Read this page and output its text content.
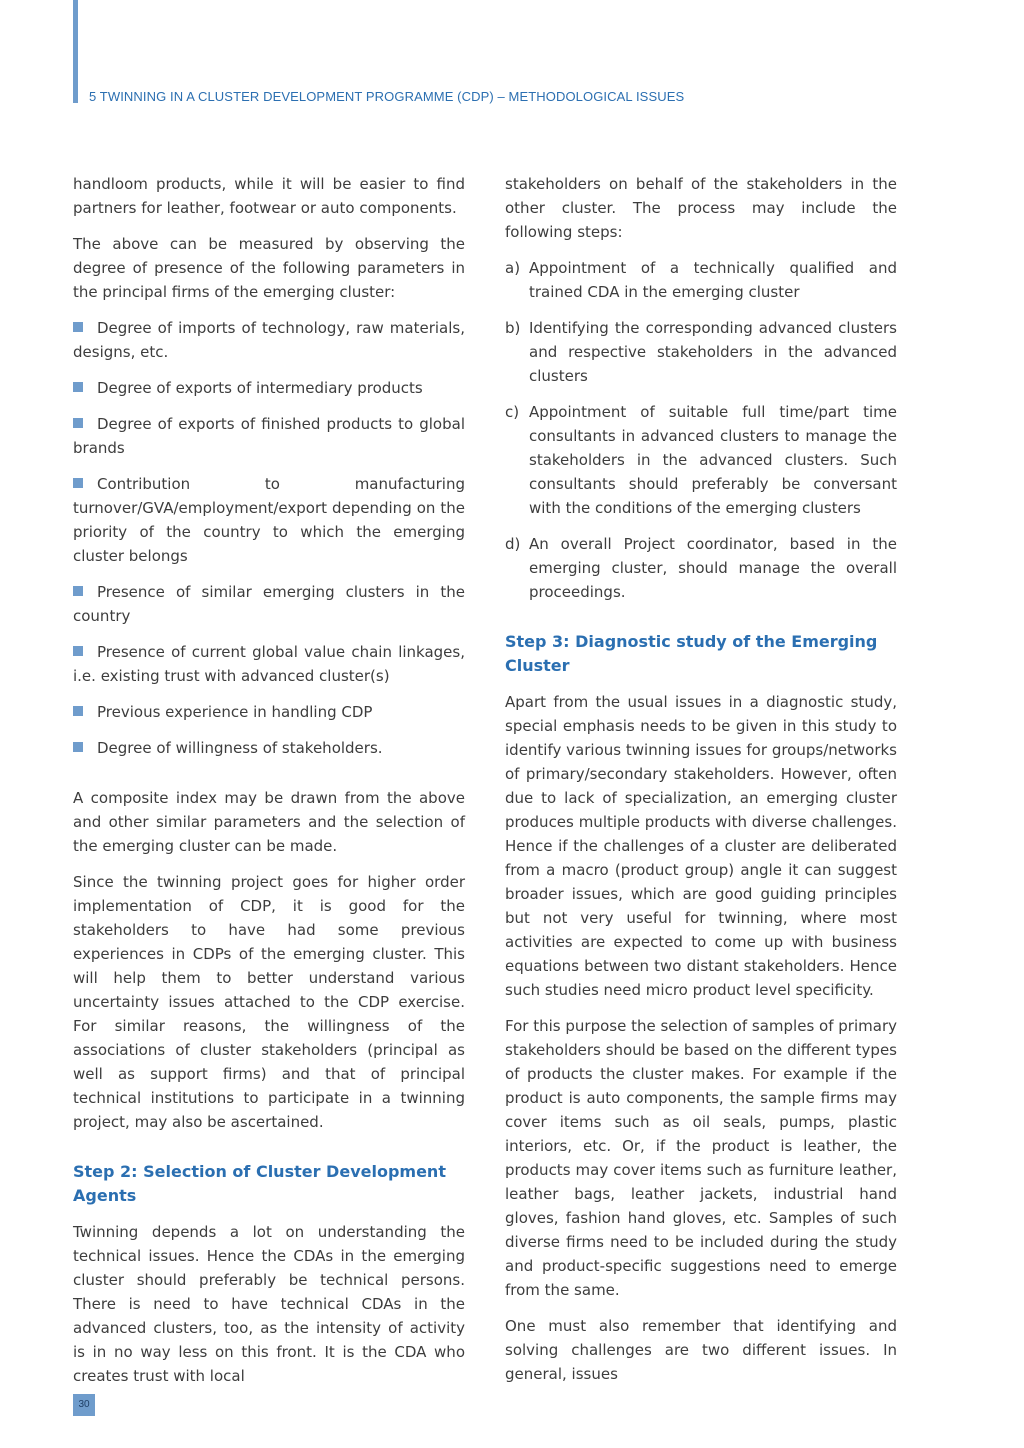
5 TWINNING IN A CLUSTER DEVELOPMENT PROGRAMME (CDP) – METHODOLOGICAL ISSUES

handloom products, while it will be easier to find partners for leather, footwear or auto components.

The above can be measured by observing the degree of presence of the following parameters in the principal firms of the emerging cluster:

Degree of imports of technology, raw materials, designs, etc.
Degree of exports of intermediary products
Degree of exports of finished products to global brands
Contribution to manufacturing turnover/GVA/employment/export depending on the priority of the country to which the emerging cluster belongs
Presence of similar emerging clusters in the country
Presence of current global value chain linkages, i.e. existing trust with advanced cluster(s)
Previous experience in handling CDP
Degree of willingness of stakeholders.

A composite index may be drawn from the above and other similar parameters and the selection of the emerging cluster can be made.

Since the twinning project goes for higher order implementation of CDP, it is good for the stakeholders to have had some previous experiences in CDPs of the emerging cluster. This will help them to better understand various uncertainty issues attached to the CDP exercise. For similar reasons, the willingness of the associations of cluster stakeholders (principal as well as support firms) and that of principal technical institutions to participate in a twinning project, may also be ascertained.

Step 2: Selection of Cluster Development Agents

Twinning depends a lot on understanding the technical issues. Hence the CDAs in the emerging cluster should preferably be technical persons. There is need to have technical CDAs in the advanced clusters, too, as the intensity of activity is in no way less on this front. It is the CDA who creates trust with local

stakeholders on behalf of the stakeholders in the other cluster. The process may include the following steps:

a) Appointment of a technically qualified and trained CDA in the emerging cluster
b) Identifying the corresponding advanced clusters and respective stakeholders in the advanced clusters
c) Appointment of suitable full time/part time consultants in advanced clusters to manage the stakeholders in the advanced clusters. Such consultants should preferably be conversant with the conditions of the emerging clusters
d) An overall Project coordinator, based in the emerging cluster, should manage the overall proceedings.
Step 3: Diagnostic study of the Emerging Cluster

Apart from the usual issues in a diagnostic study, special emphasis needs to be given in this study to identify various twinning issues for groups/networks of primary/secondary stakeholders. However, often due to lack of specialization, an emerging cluster produces multiple products with diverse challenges. Hence if the challenges of a cluster are deliberated from a macro (product group) angle it can suggest broader issues, which are good guiding principles but not very useful for twinning, where most activities are expected to come up with business equations between two distant stakeholders. Hence such studies need micro product level specificity.

For this purpose the selection of samples of primary stakeholders should be based on the different types of products the cluster makes. For example if the product is auto components, the sample firms may cover items such as oil seals, pumps, plastic interiors, etc. Or, if the product is leather, the products may cover items such as furniture leather, leather bags, leather jackets, industrial hand gloves, fashion hand gloves, etc. Samples of such diverse firms need to be included during the study and product-specific suggestions need to emerge from the same.

One must also remember that identifying and solving challenges are two different issues. In general, issues

30
